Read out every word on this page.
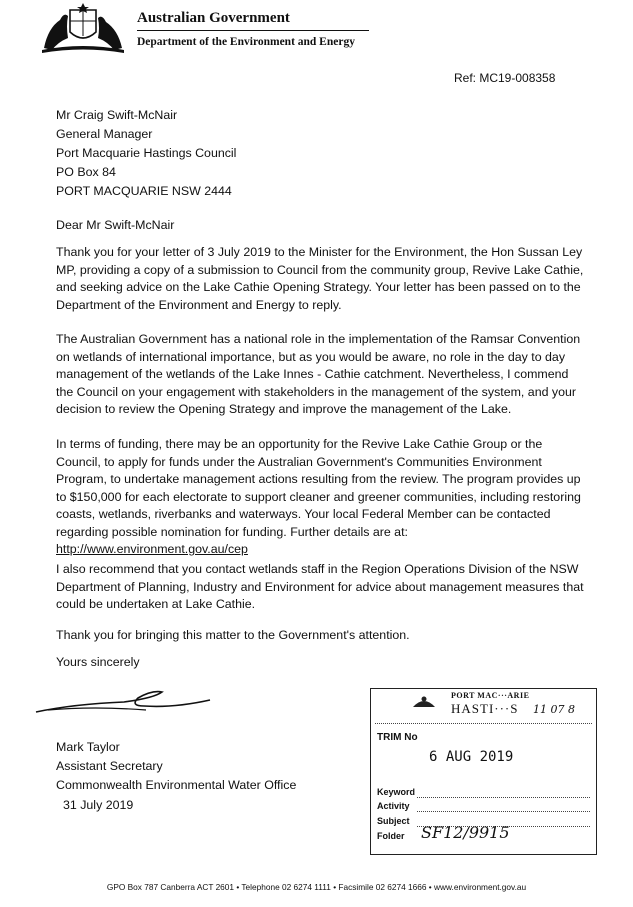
Australian Government
Department of the Environment and Energy
Ref: MC19-008358
Mr Craig Swift-McNair
General Manager
Port Macquarie Hastings Council
PO Box 84
PORT MACQUARIE NSW 2444
Dear Mr Swift-McNair
Thank you for your letter of 3 July 2019 to the Minister for the Environment, the Hon Sussan Ley MP, providing a copy of a submission to Council from the community group, Revive Lake Cathie, and seeking advice on the Lake Cathie Opening Strategy. Your letter has been passed on to the Department of the Environment and Energy to reply.
The Australian Government has a national role in the implementation of the Ramsar Convention on wetlands of international importance, but as you would be aware, no role in the day to day management of the wetlands of the Lake Innes - Cathie catchment. Nevertheless, I commend the Council on your engagement with stakeholders in the management of the system, and your decision to review the Opening Strategy and improve the management of the Lake.
In terms of funding, there may be an opportunity for the Revive Lake Cathie Group or the Council, to apply for funds under the Australian Government's Communities Environment Program, to undertake management actions resulting from the review. The program provides up to $150,000 for each electorate to support cleaner and greener communities, including restoring coasts, wetlands, riverbanks and waterways. Your local Federal Member can be contacted regarding possible nomination for funding. Further details are at:
http://www.environment.gov.au/cep
I also recommend that you contact wetlands staff in the Region Operations Division of the NSW Department of Planning, Industry and Environment for advice about management measures that could be undertaken at Lake Cathie.
Thank you for bringing this matter to the Government's attention.
Yours sincerely
Mark Taylor
Assistant Secretary
Commonwealth Environmental Water Office
31 July 2019
PORT MAC···ARIE
HASTI···S 11 07 8
TRIM No
6 AUG 2019
Keyword
Activity
Subject
Folder SF12/9915
GPO Box 787 Canberra ACT 2601 • Telephone 02 6274 1111 • Facsimile 02 6274 1666 • www.environment.gov.au
